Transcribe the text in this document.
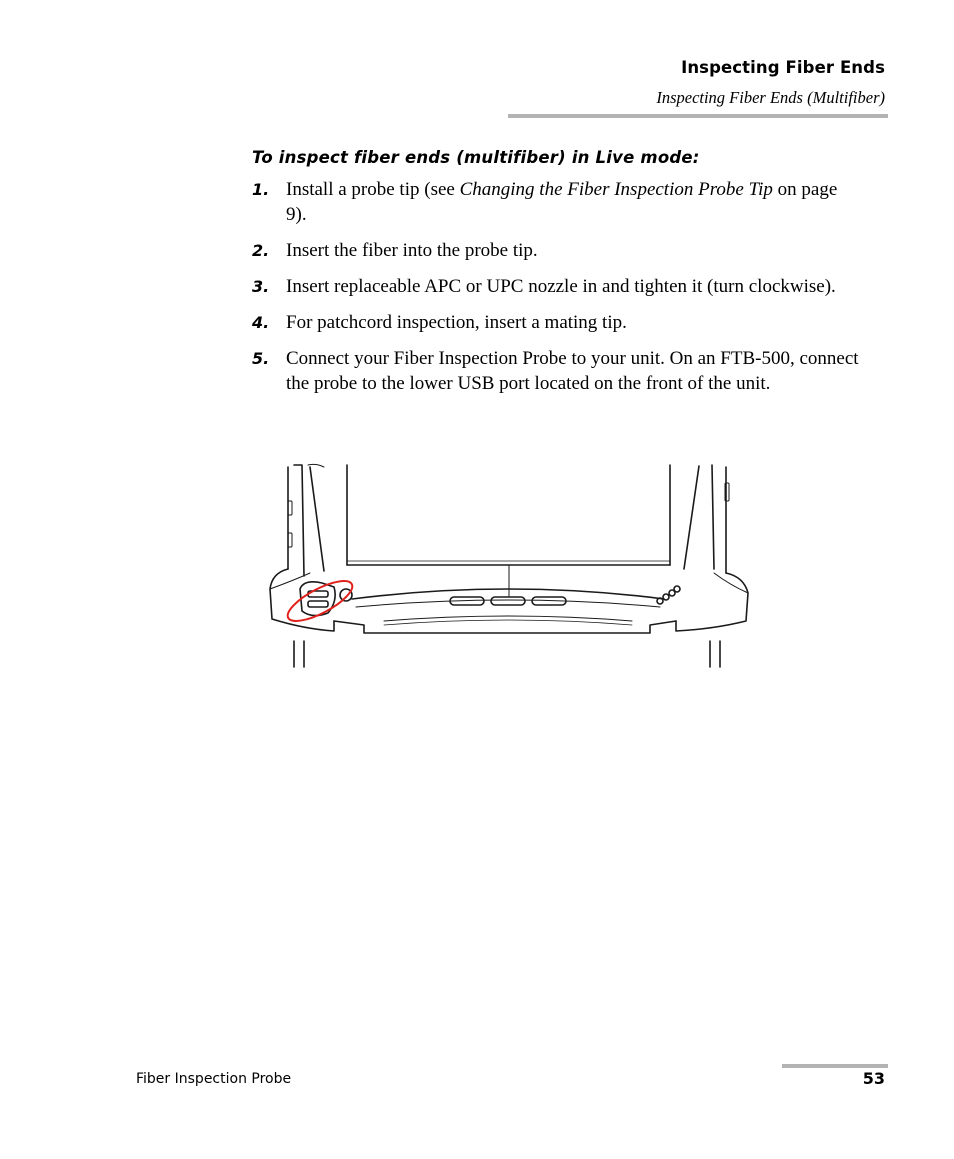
Inspecting Fiber Ends
Inspecting Fiber Ends (Multifiber)
To inspect fiber ends (multifiber) in Live mode:
1. Install a probe tip (see Changing the Fiber Inspection Probe Tip on page 9).
2. Insert the fiber into the probe tip.
3. Insert replaceable APC or UPC nozzle in and tighten it (turn clockwise).
4. For patchcord inspection, insert a mating tip.
5. Connect your Fiber Inspection Probe to your unit. On an FTB-500, connect the probe to the lower USB port located on the front of the unit.
Fiber Inspection Probe	53
